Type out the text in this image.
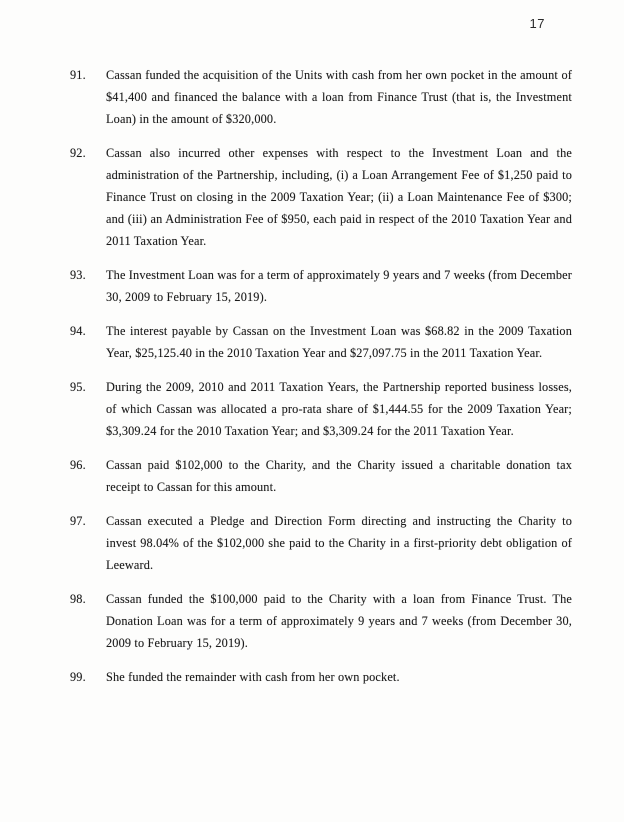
17
91.	Cassan funded the acquisition of the Units with cash from her own pocket in the amount of $41,400 and financed the balance with a loan from Finance Trust (that is, the Investment Loan) in the amount of $320,000.
92.	Cassan also incurred other expenses with respect to the Investment Loan and the administration of the Partnership, including, (i) a Loan Arrangement Fee of $1,250 paid to Finance Trust on closing in the 2009 Taxation Year; (ii) a Loan Maintenance Fee of $300; and (iii) an Administration Fee of $950, each paid in respect of the 2010 Taxation Year and 2011 Taxation Year.
93.	The Investment Loan was for a term of approximately 9 years and 7 weeks (from December 30, 2009 to February 15, 2019).
94.	The interest payable by Cassan on the Investment Loan was $68.82 in the 2009 Taxation Year, $25,125.40 in the 2010 Taxation Year and $27,097.75 in the 2011 Taxation Year.
95.	During the 2009, 2010 and 2011 Taxation Years, the Partnership reported business losses, of which Cassan was allocated a pro-rata share of $1,444.55 for the 2009 Taxation Year; $3,309.24 for the 2010 Taxation Year; and $3,309.24 for the 2011 Taxation Year.
96.	Cassan paid $102,000 to the Charity, and the Charity issued a charitable donation tax receipt to Cassan for this amount.
97.	Cassan executed a Pledge and Direction Form directing and instructing the Charity to invest 98.04% of the $102,000 she paid to the Charity in a first-priority debt obligation of Leeward.
98.	Cassan funded the $100,000 paid to the Charity with a loan from Finance Trust. The Donation Loan was for a term of approximately 9 years and 7 weeks (from December 30, 2009 to February 15, 2019).
99.	She funded the remainder with cash from her own pocket.
